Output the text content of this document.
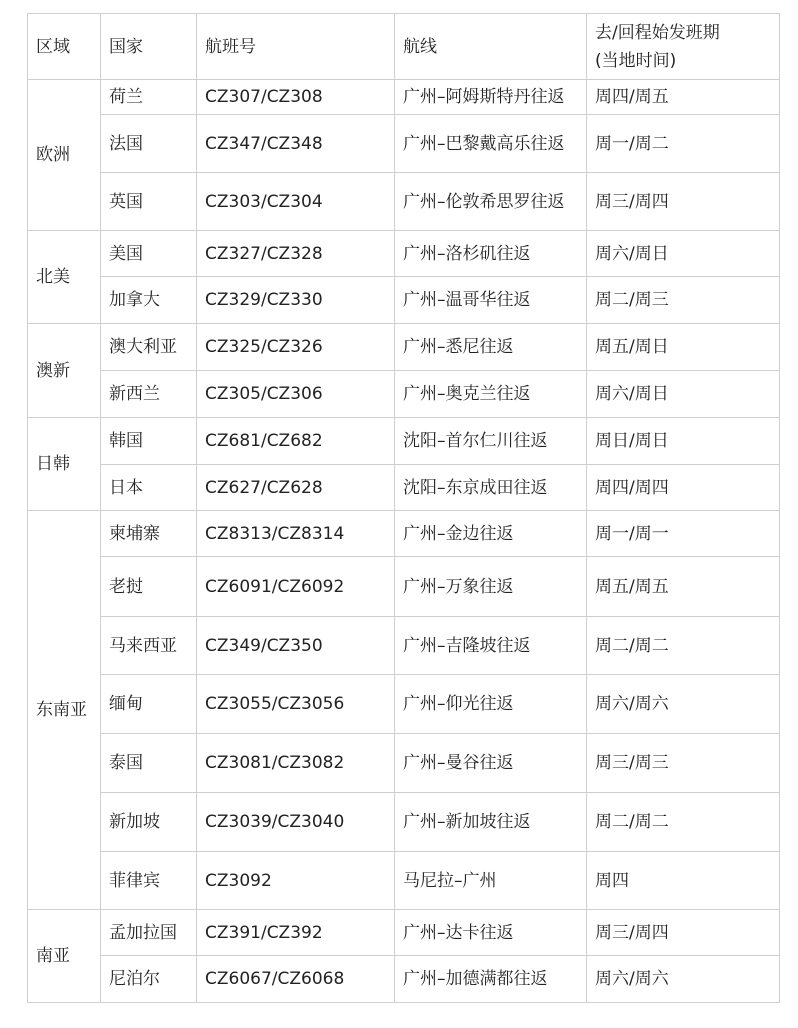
区域	国家	航班号	航线	去/回程始发班期
(当地时间)

欧洲	荷兰	CZ307/CZ308	广州–阿姆斯特丹往返	周四/周五
	法国	CZ347/CZ348	广州–巴黎戴高乐往返	周一/周二
	英国	CZ303/CZ304	广州–伦敦希思罗往返	周三/周四
北美	美国	CZ327/CZ328	广州–洛杉矶往返	周六/周日
	加拿大	CZ329/CZ330	广州–温哥华往返	周二/周三
澳新	澳大利亚	CZ325/CZ326	广州–悉尼往返	周五/周日
	新西兰	CZ305/CZ306	广州–奥克兰往返	周六/周日
日韩	韩国	CZ681/CZ682	沈阳–首尔仁川往返	周日/周日
	日本	CZ627/CZ628	沈阳–东京成田往返	周四/周四
东南亚	柬埔寨	CZ8313/CZ8314	广州–金边往返	周一/周一
	老挝	CZ6091/CZ6092	广州–万象往返	周五/周五
	马来西亚	CZ349/CZ350	广州–吉隆坡往返	周二/周二
	缅甸	CZ3055/CZ3056	广州–仰光往返	周六/周六
	泰国	CZ3081/CZ3082	广州–曼谷往返	周三/周三
	新加坡	CZ3039/CZ3040	广州–新加坡往返	周二/周二
	菲律宾	CZ3092	马尼拉–广州	周四
南亚	孟加拉国	CZ391/CZ392	广州–达卡往返	周三/周四
	尼泊尔	CZ6067/CZ6068	广州–加德满都往返	周六/周六
